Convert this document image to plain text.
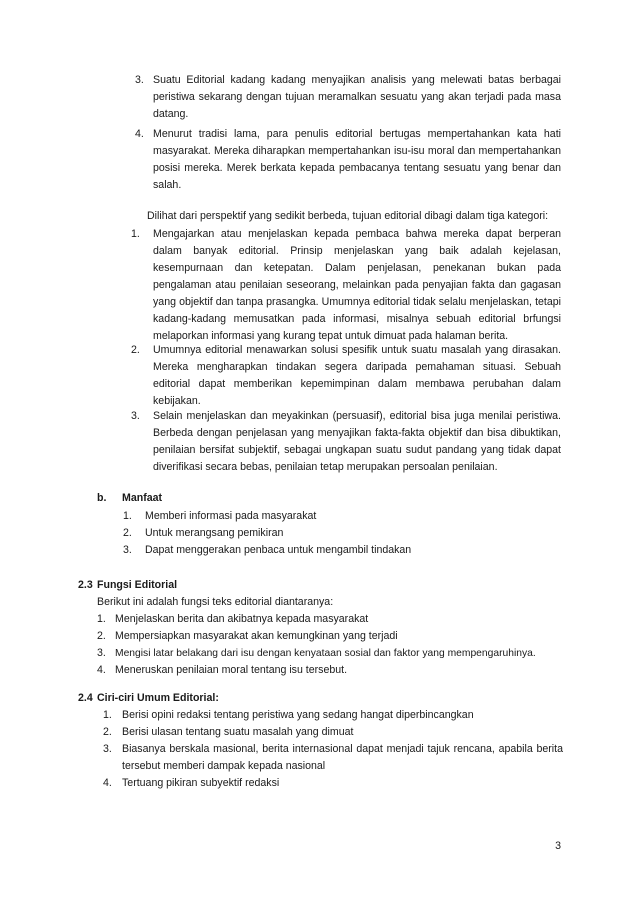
3. Suatu Editorial kadang kadang menyajikan analisis yang melewati batas berbagai peristiwa sekarang dengan tujuan meramalkan sesuatu yang akan terjadi pada masa datang.
4. Menurut tradisi lama, para penulis editorial bertugas mempertahankan kata hati masyarakat. Mereka diharapkan mempertahankan isu-isu moral dan mempertahankan posisi mereka. Merek berkata kepada pembacanya tentang sesuatu yang benar dan salah.
Dilihat dari perspektif yang sedikit berbeda, tujuan editorial dibagi dalam tiga kategori:
1.	Mengajarkan atau menjelaskan kepada pembaca bahwa mereka dapat berperan dalam banyak editorial. Prinsip menjelaskan yang baik adalah kejelasan, kesempurnaan dan ketepatan. Dalam penjelasan, penekanan bukan pada pengalaman atau penilaian seseorang, melainkan pada penyajian fakta dan gagasan yang objektif dan tanpa prasangka. Umumnya editorial tidak selalu menjelaskan, tetapi kadang-kadang memusatkan pada informasi, misalnya sebuah editorial brfungsi melaporkan informasi yang kurang tepat untuk dimuat pada halaman berita.
2.	Umumnya editorial menawarkan solusi spesifik untuk suatu masalah yang dirasakan. Mereka mengharapkan tindakan segera daripada pemahaman situasi. Sebuah editorial dapat memberikan kepemimpinan dalam membawa perubahan dalam kebijakan.
3.	Selain menjelaskan dan meyakinkan (persuasif), editorial bisa juga menilai peristiwa. Berbeda dengan penjelasan yang menyajikan fakta-fakta objektif dan bisa dibuktikan, penilaian bersifat subjektif, sebagai ungkapan suatu sudut pandang yang tidak dapat diverifikasi secara bebas, penilaian tetap merupakan persoalan penilaian.
b. Manfaat
1.	Memberi informasi pada masyarakat
2.	Untuk merangsang pemikiran
3.	Dapat menggerakan penbaca untuk mengambil tindakan
2.3 Fungsi Editorial
Berikut ini adalah fungsi teks editorial diantaranya:
1. Menjelaskan berita dan akibatnya kepada masyarakat
2. Mempersiapkan masyarakat akan kemungkinan yang terjadi
3. Mengisi latar belakang dari isu dengan kenyataan sosial dan faktor yang mempengaruhinya.
4. Meneruskan penilaian moral tentang isu tersebut.
2.4 Ciri-ciri Umum Editorial:
1. Berisi opini redaksi tentang peristiwa yang sedang hangat diperbincangkan
2. Berisi ulasan tentang suatu masalah yang dimuat
3. Biasanya berskala masional, berita internasional dapat menjadi tajuk rencana, apabila berita tersebut memberi dampak kepada nasional
4. Tertuang pikiran subyektif redaksi
3
